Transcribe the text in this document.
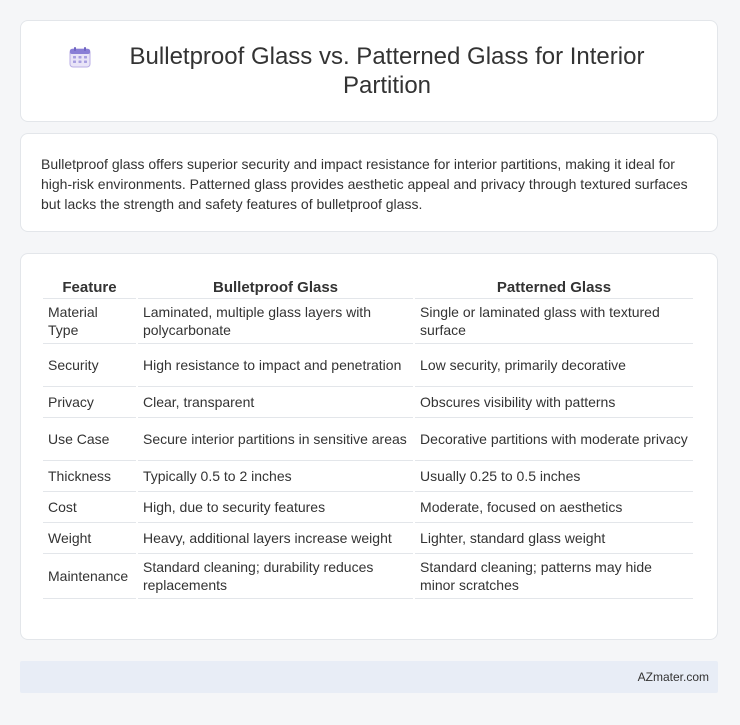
Bulletproof Glass vs. Patterned Glass for Interior Partition

Bulletproof glass offers superior security and impact resistance for interior partitions, making it ideal for high-risk environments. Patterned glass provides aesthetic appeal and privacy through textured surfaces but lacks the strength and safety features of bulletproof glass.

Feature	Bulletproof Glass	Patterned Glass
Material Type	Laminated, multiple glass layers with polycarbonate	Single or laminated glass with textured surface
Security	High resistance to impact and penetration	Low security, primarily decorative
Privacy	Clear, transparent	Obscures visibility with patterns
Use Case	Secure interior partitions in sensitive areas	Decorative partitions with moderate privacy
Thickness	Typically 0.5 to 2 inches	Usually 0.25 to 0.5 inches
Cost	High, due to security features	Moderate, focused on aesthetics
Weight	Heavy, additional layers increase weight	Lighter, standard glass weight
Maintenance	Standard cleaning; durability reduces replacements	Standard cleaning; patterns may hide minor scratches
AZmater.com
